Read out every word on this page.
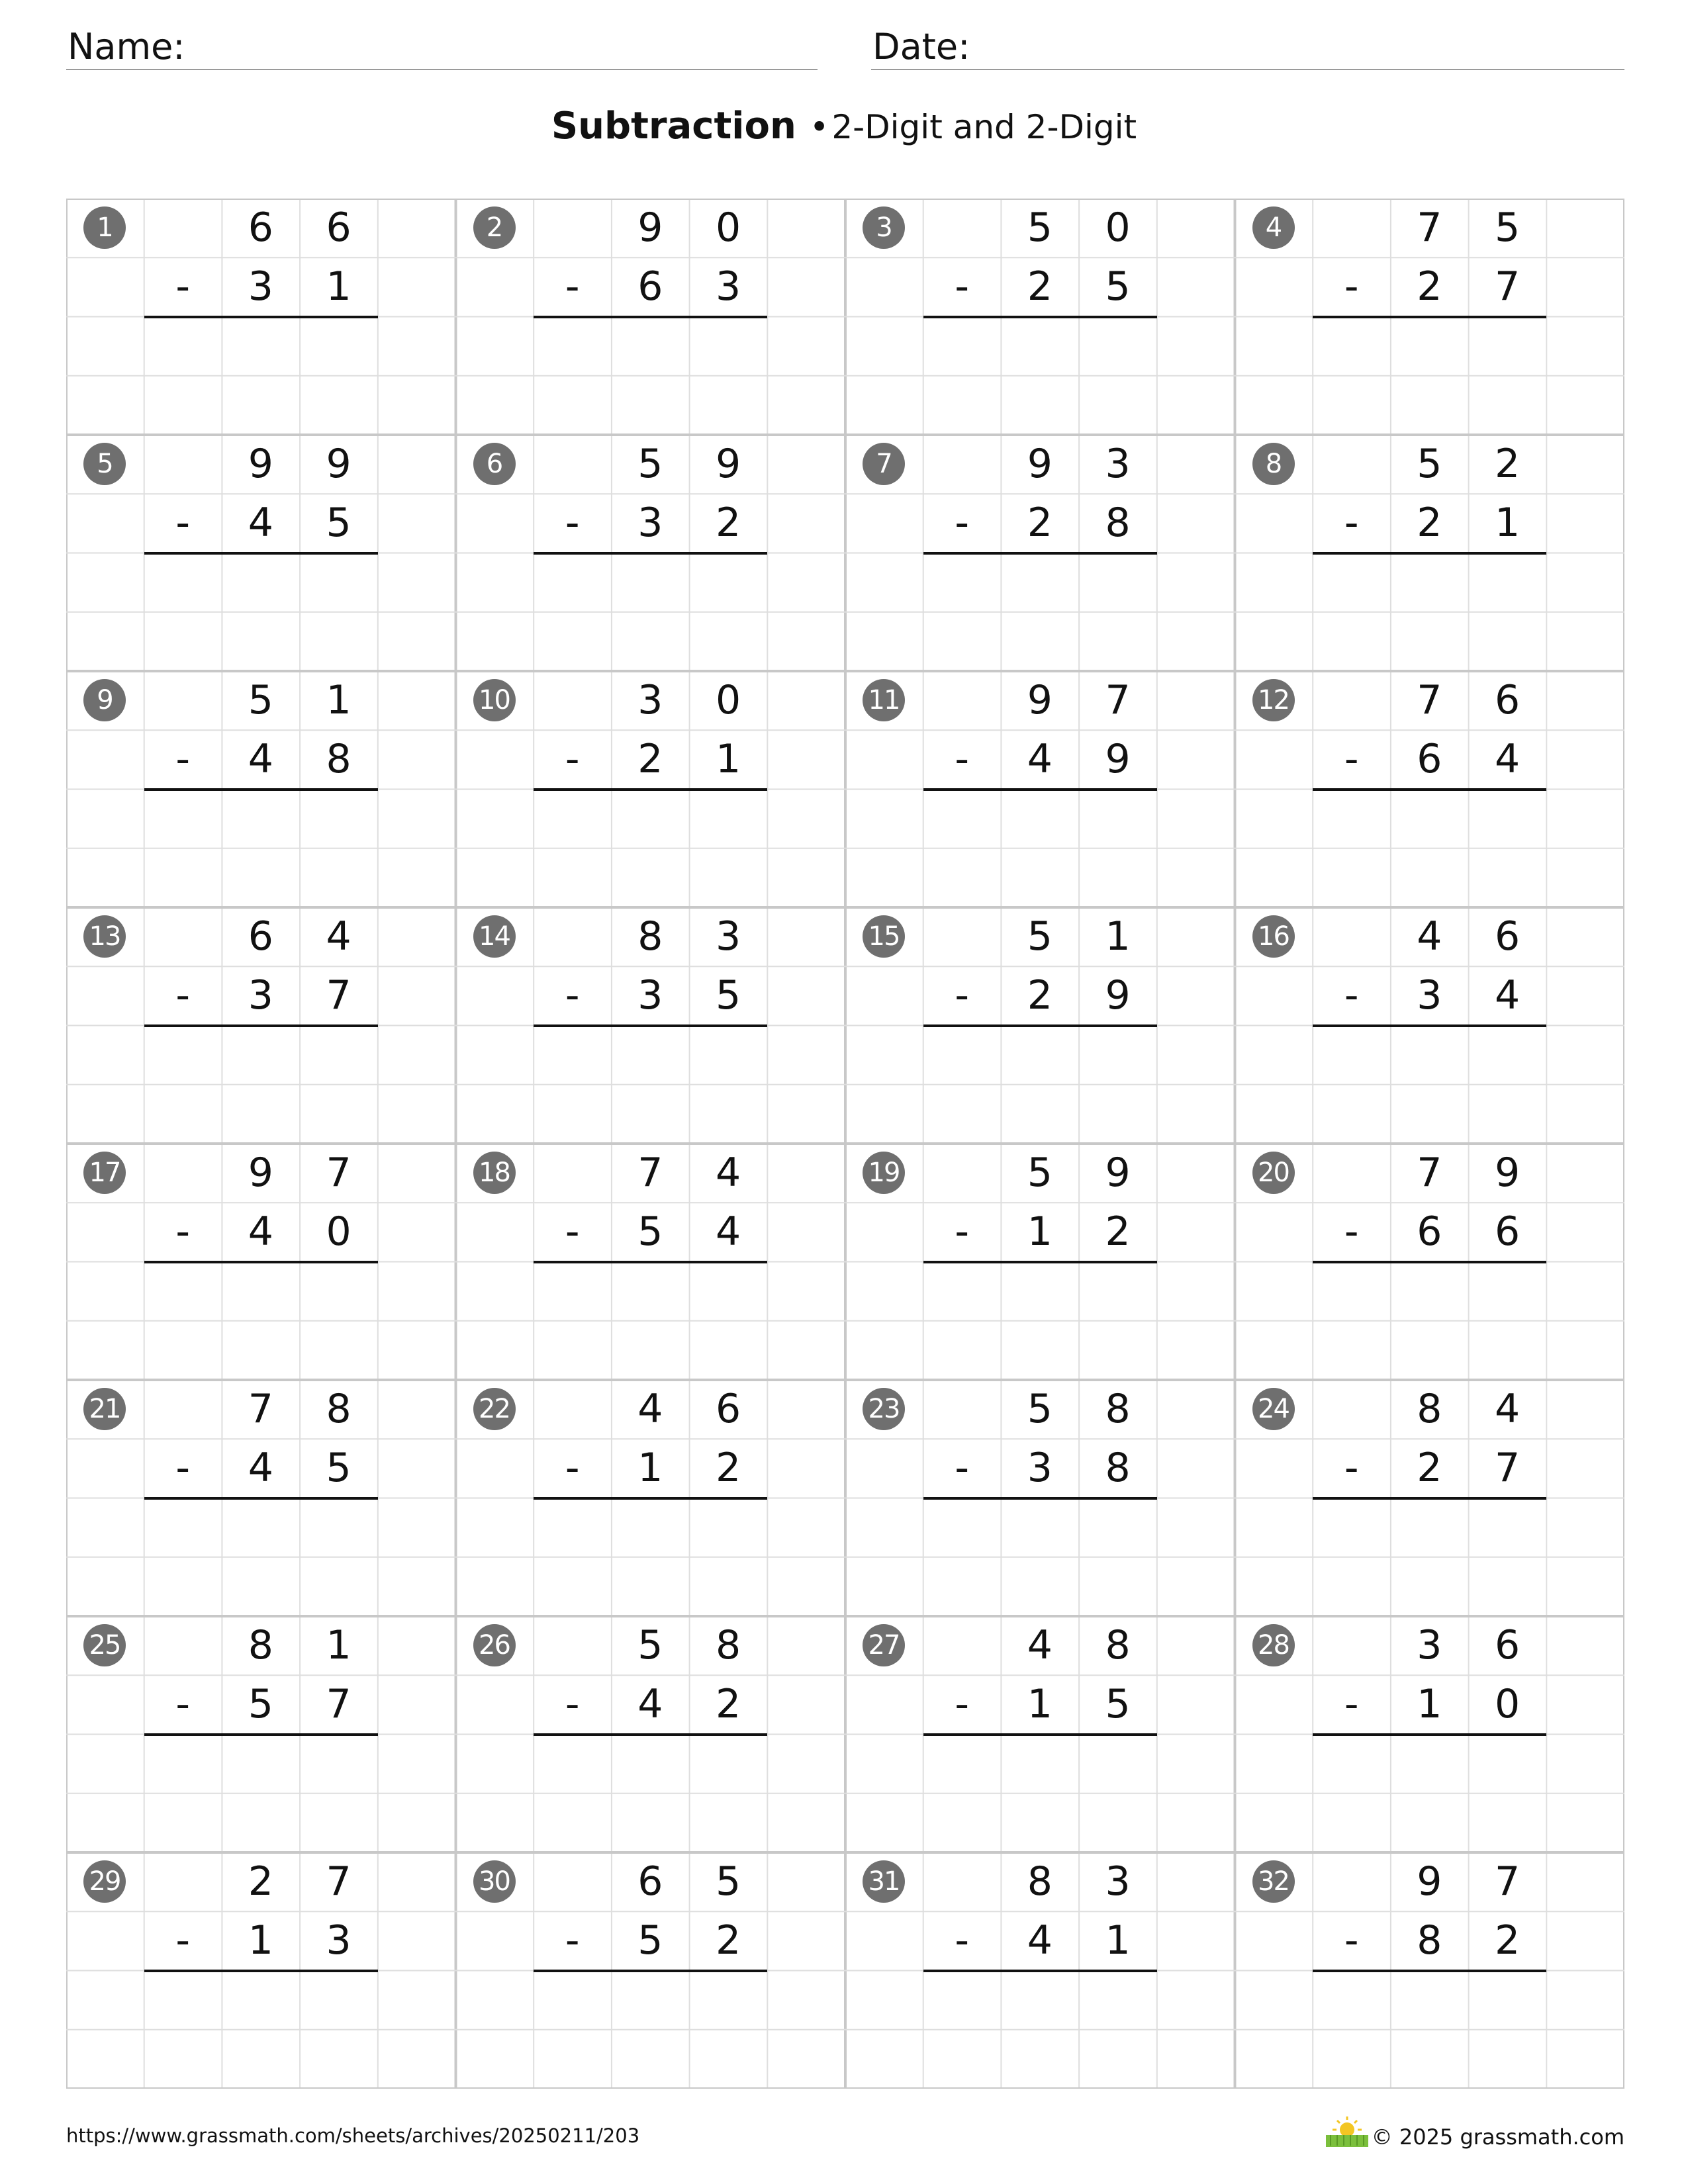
Name:	Date:
Subtraction •2-Digit and 2-Digit
1	6	6
-	3	1
2	9	0
-	6	3
3	5	0
-	2	5
4	7	5
-	2	7
5	9	9
-	4	5
6	5	9
-	3	2
7	9	3
-	2	8
8	5	2
-	2	1
9	5	1
-	4	8
10	3	0
-	2	1
11	9	7
-	4	9
12	7	6
-	6	4
13	6	4
-	3	7
14	8	3
-	3	5
15	5	1
-	2	9
16	4	6
-	3	4
17	9	7
-	4	0
18	7	4
-	5	4
19	5	9
-	1	2
20	7	9
-	6	6
21	7	8
-	4	5
22	4	6
-	1	2
23	5	8
-	3	8
24	8	4
-	2	7
25	8	1
-	5	7
26	5	8
-	4	2
27	4	8
-	1	5
28	3	6
-	1	0
29	2	7
-	1	3
30	6	5
-	5	2
31	8	3
-	4	1
32	9	7
-	8	2
https://www.grassmath.com/sheets/archives/20250211/203	© 2025 grassmath.com
